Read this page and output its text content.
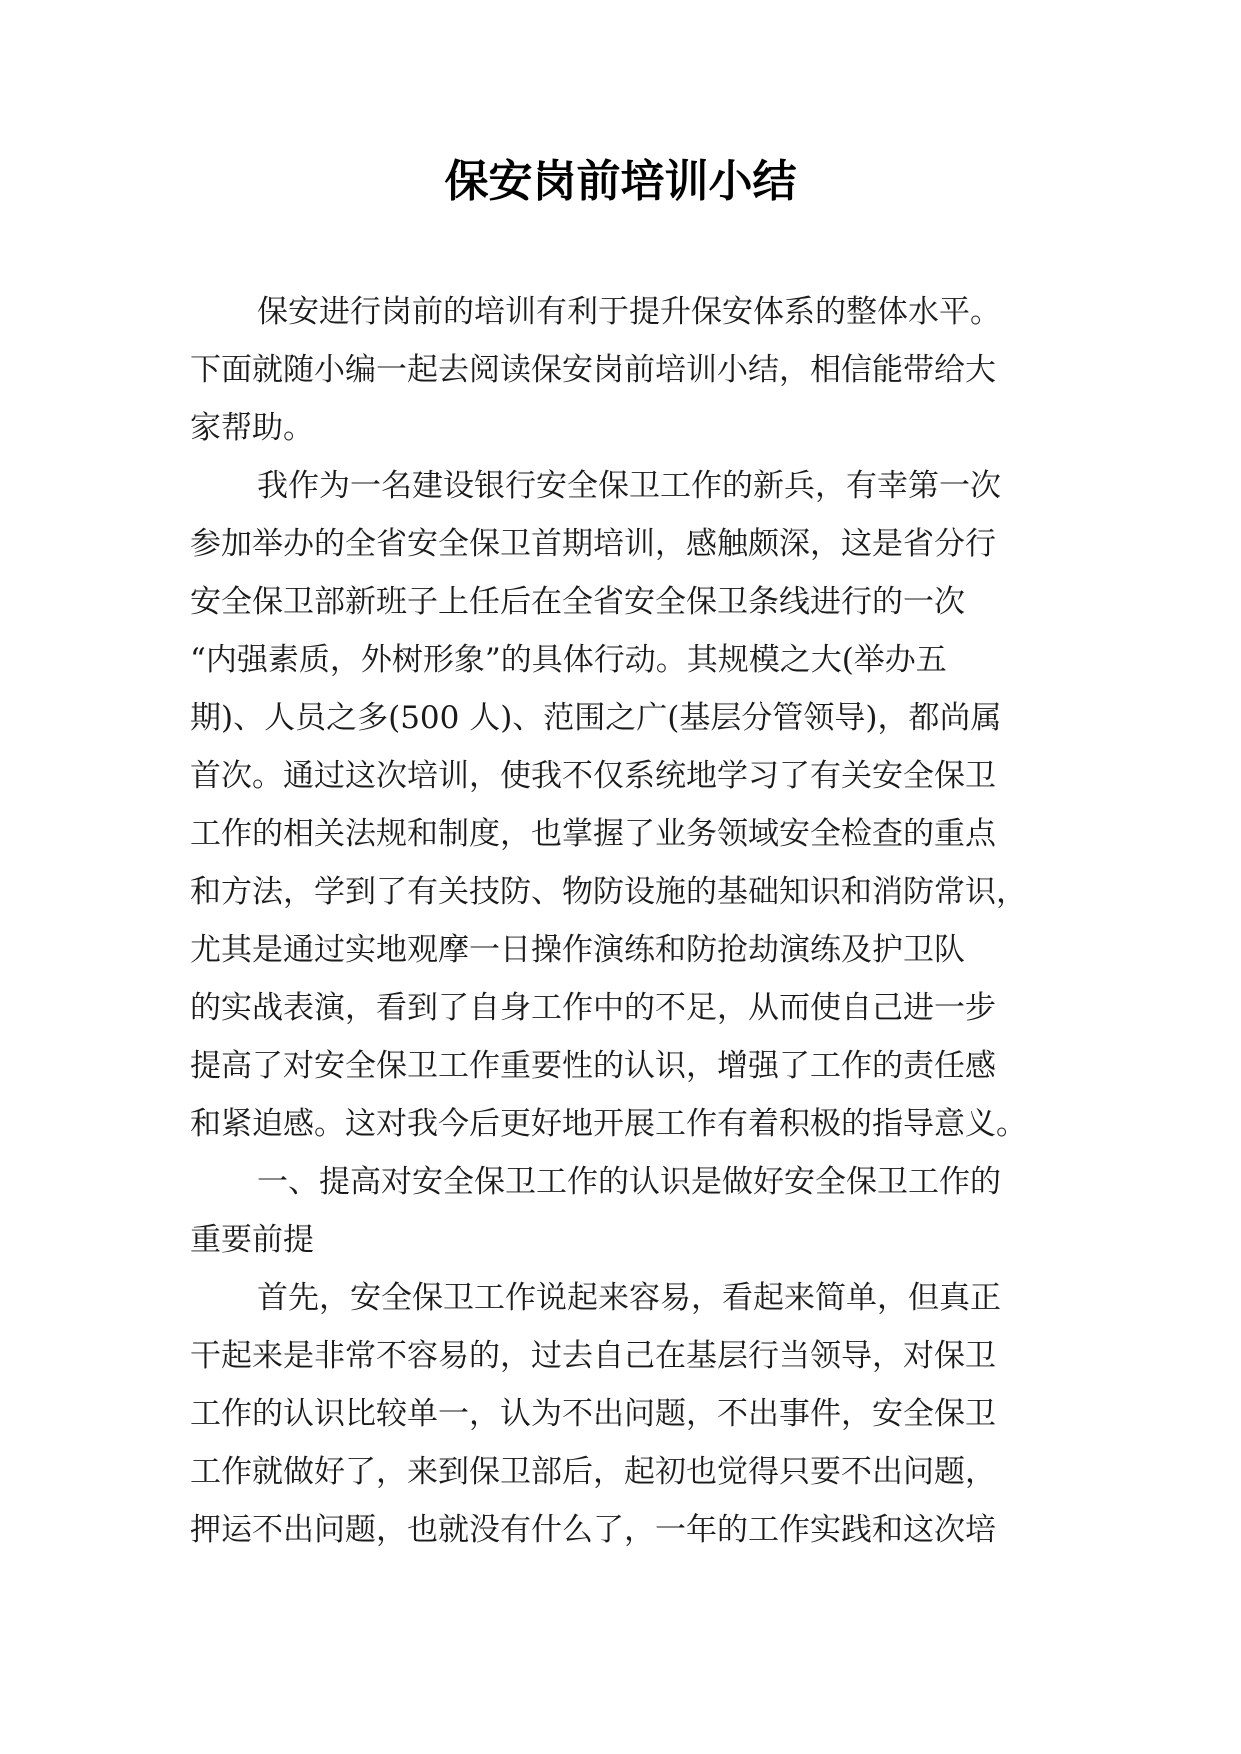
保安岗前培训小结
保安进行岗前的培训有利于提升保安体系的整体水平。
下面就随小编一起去阅读保安岗前培训小结，相信能带给大
家帮助。
我作为一名建设银行安全保卫工作的新兵，有幸第一次
参加举办的全省安全保卫首期培训，感触颇深，这是省分行
安全保卫部新班子上任后在全省安全保卫条线进行的一次
“内强素质，外树形象”的具体行动。其规模之大(举办五
期)、人员之多(500 人)、范围之广(基层分管领导)，都尚属
首次。通过这次培训，使我不仅系统地学习了有关安全保卫
工作的相关法规和制度，也掌握了业务领域安全检查的重点
和方法，学到了有关技防、物防设施的基础知识和消防常识，
尤其是通过实地观摩一日操作演练和防抢劫演练及护卫队
的实战表演，看到了自身工作中的不足，从而使自己进一步
提高了对安全保卫工作重要性的认识，增强了工作的责任感
和紧迫感。这对我今后更好地开展工作有着积极的指导意义。
一、提高对安全保卫工作的认识是做好安全保卫工作的
重要前提
首先，安全保卫工作说起来容易，看起来简单，但真正
干起来是非常不容易的，过去自己在基层行当领导，对保卫
工作的认识比较单一，认为不出问题，不出事件，安全保卫
工作就做好了，来到保卫部后，起初也觉得只要不出问题，
押运不出问题，也就没有什么了，一年的工作实践和这次培
